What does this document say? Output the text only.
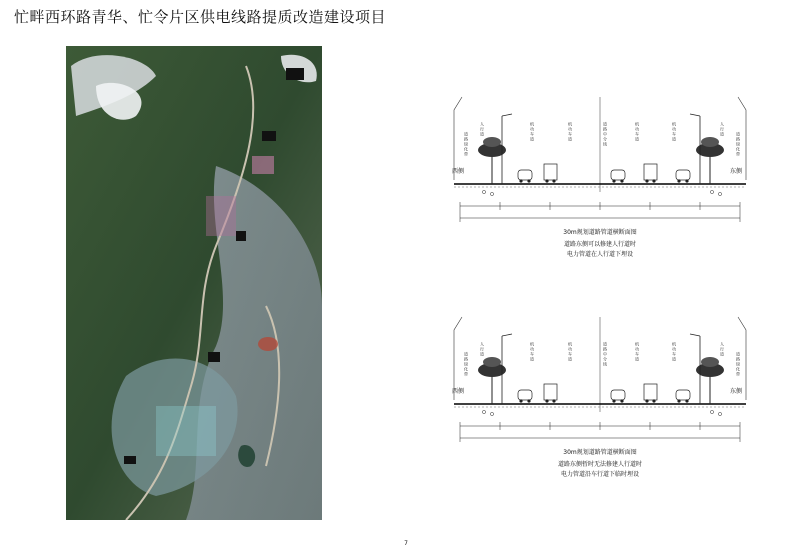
忙畔西环路青华、忙令片区供电线路提质改造建设项目
西侧	东侧
道路绿化带
人行道	机动车道	机动车道	道路中分线	机动车道	机动车道	人行道
道路绿化带
30m规划道路管道横断面图
道路东侧可以修建人行道时
电力管道在人行道下埋设
西侧	东侧
道路绿化带
人行道	机动车道	机动车道	道路中分线	机动车道	机动车道	人行道
道路绿化带
30m规划道路管道横断面图
道路东侧暂时无法修建人行道时
电力管道沿车行道下临时埋设
7
